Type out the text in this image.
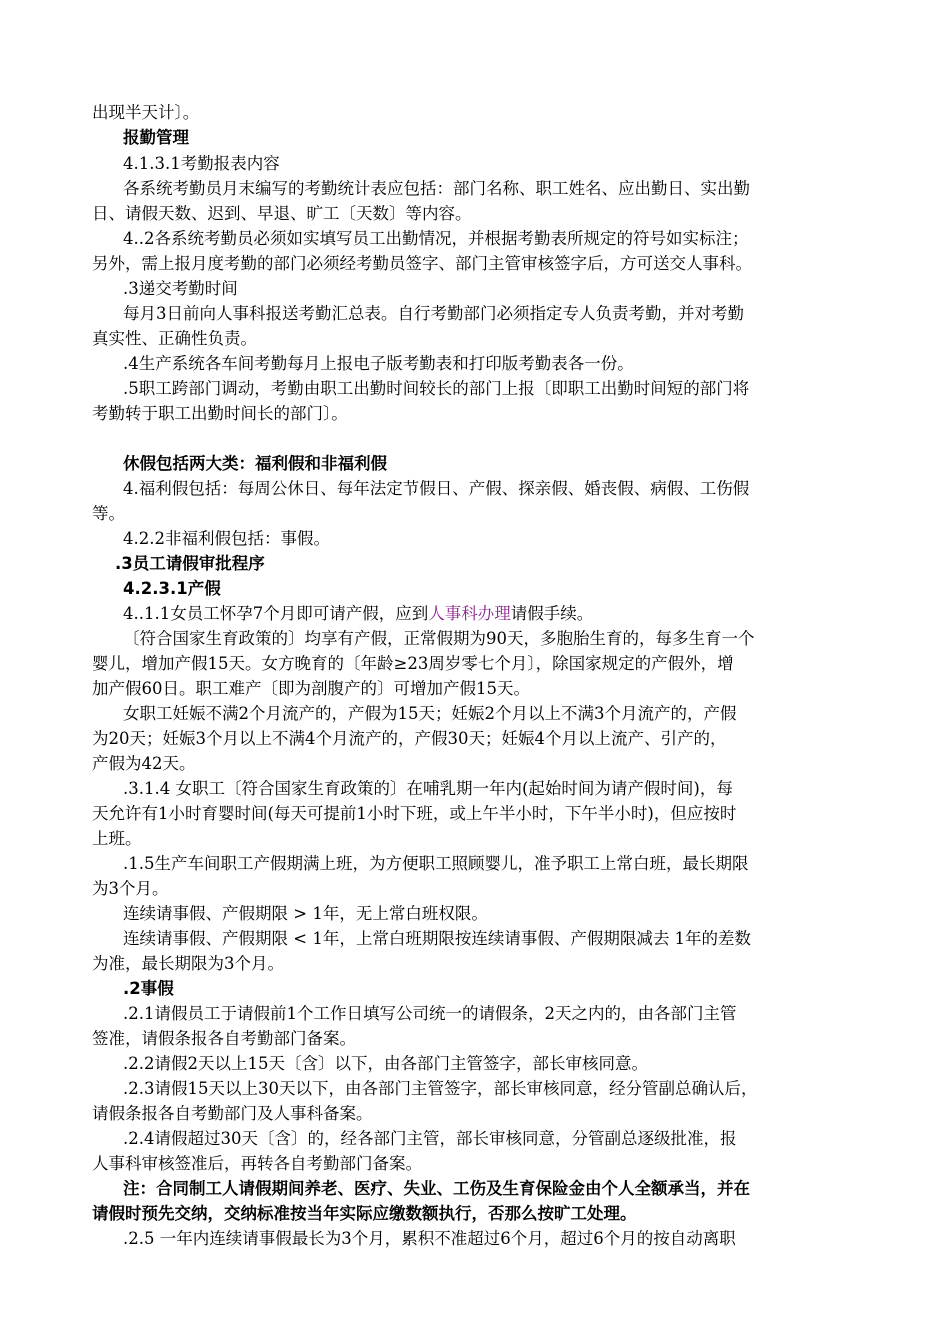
出现半天计〕。
报勤管理
4.1.3.1考勤报表内容
各系统考勤员月末编写的考勤统计表应包括：部门名称、职工姓名、应出勤日、实出勤
日、请假天数、迟到、早退、旷工〔天数〕等内容。
4..2各系统考勤员必须如实填写员工出勤情况，并根据考勤表所规定的符号如实标注；
另外，需上报月度考勤的部门必须经考勤员签字、部门主管审核签字后，方可送交人事科。
.3递交考勤时间
每月3日前向人事科报送考勤汇总表。自行考勤部门必须指定专人负责考勤，并对考勤
真实性、正确性负责。
.4生产系统各车间考勤每月上报电子版考勤表和打印版考勤表各一份。
.5职工跨部门调动，考勤由职工出勤时间较长的部门上报〔即职工出勤时间短的部门将
考勤转于职工出勤时间长的部门〕。
休假包括两大类：福利假和非福利假
4.福利假包括：每周公休日、每年法定节假日、产假、探亲假、婚丧假、病假、工伤假
等。
4.2.2非福利假包括：事假。
.3员工请假审批程序
4.2.3.1产假
4..1.1女员工怀孕7个月即可请产假，应到人事科办理请假手续。
〔符合国家生育政策的〕均享有产假，正常假期为90天，多胞胎生育的，每多生育一个
婴儿，增加产假15天。女方晚育的〔年龄≥23周岁零七个月〕，除国家规定的产假外，增
加产假60日。职工难产〔即为剖腹产的〕可增加产假15天。
女职工妊娠不满2个月流产的，产假为15天；妊娠2个月以上不满3个月流产的，产假
为20天；妊娠3个月以上不满4个月流产的，产假30天；妊娠4个月以上流产、引产的，
产假为42天。
.3.1.4 女职工〔符合国家生育政策的〕在哺乳期一年内(起始时间为请产假时间)，每
天允许有1小时育婴时间(每天可提前1小时下班，或上午半小时，下午半小时)，但应按时
上班。
.1.5生产车间职工产假期满上班，为方便职工照顾婴儿，准予职工上常白班，最长期限
为3个月。
连续请事假、产假期限 > 1年，无上常白班权限。
连续请事假、产假期限 < 1年，上常白班期限按连续请事假、产假期限减去 1年的差数
为准，最长期限为3个月。
.2事假
.2.1请假员工于请假前1个工作日填写公司统一的请假条，2天之内的，由各部门主管
签准，请假条报各自考勤部门备案。
.2.2请假2天以上15天〔含〕以下，由各部门主管签字，部长审核同意。
.2.3请假15天以上30天以下，由各部门主管签字，部长审核同意，经分管副总确认后，
请假条报各自考勤部门及人事科备案。
.2.4请假超过30天〔含〕的，经各部门主管，部长审核同意，分管副总逐级批准，报
人事科审核签准后，再转各自考勤部门备案。
注：合同制工人请假期间养老、医疗、失业、工伤及生育保险金由个人全额承当，并在
请假时预先交纳，交纳标准按当年实际应缴数额执行，否那么按旷工处理。
.2.5 一年内连续请事假最长为3个月，累积不准超过6个月，超过6个月的按自动离职
